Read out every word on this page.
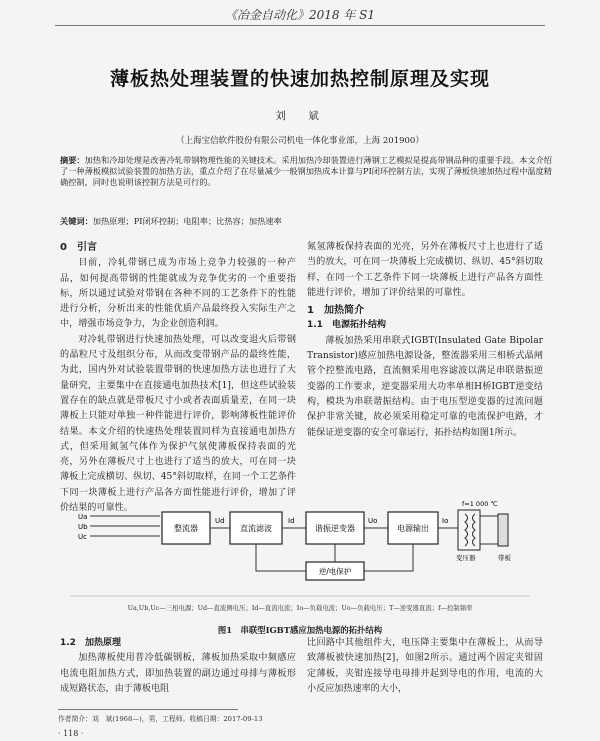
《冶金自动化》2018 年 S1
薄板热处理装置的快速加热控制原理及实现
刘　斌
（上海宝信软件股份有限公司机电一体化事业部，上海 201900）
摘要：加热和冷却处理是改善冷轧带钢物理性能的关键技术。采用加热冷却装置进行薄钢工艺模拟是提高带钢品种的重要手段。本文介绍了一种薄板模拟试验装置的加热方法，重点介绍了在尽量减少一般钢加热成本计算与PI闭环控制方法，实现了薄板快速加热过程中温度精确控制，同时也说明该控制方法是可行的。
关键词：加热原理；PI闭环控制；电阻率；比热容；加热速率
0　引言

目前，冷轧带钢已成为市场上竞争力较强的一种产品，如何提高带钢的性能就成为竞争优劣的一个重要指标，所以通过试验对带钢在各种不同的工艺条件下的性能进行分析，分析出来的性能优质产品最终投入实际生产之中，增强市场竞争力，为企业创造利润。

对冷轧带钢进行快速加热处理，可以改变退火后带钢的晶粒尺寸及组织分布，从而改变带钢产品的最终性能，为此，国内外对试验装置带钢的快速加热方法也进行了大量研究，主要集中在直接通电加热技术[1]，但这些试验装置存在的缺点就是带板尺寸小或者表面质量差，在同一块薄板上只能对单独一种件能进行评价，影响薄板性能评价结果。本文介绍的快速热处理装置同样为直接通电加热方式，但采用氮氢气体作为保护气氛使薄板保持表面的光亮，另外在薄板尺寸上也进行了适当的放大，可在同一块薄板上完成横切、纵切、45°斜切取样，在同一个工艺条件下同一块薄板上进行产品各方面性能进行评价，增加了评价结果的可靠性。

氮氢薄板保持表面的光亮，另外在薄板尺寸上也进行了适当的放大，可在同一块薄板上完成横切、纵切、45°斜切取样，在同一个工艺条件下同一块薄板上进行产品各方面性能进行评价，增加了评价结果的可靠性。

1　加热简介
1.1　电源拓扑结构

薄板加热采用串联式IGBT(Insulated Gate Bipolar Transistor)感应加热电源设备，整流器采用三相桥式晶闸管个控整流电路，直流侧采用电容滤波以满足串联谐振逆变器的工作要求，逆变器采用大功率单相H桥IGBT逆变结构，模块为串联谐振结构。由于电压型逆变器的过流问题保护非常关键，故必须采用稳定可靠的电流保护电路，才能保证逆变器的安全可靠运行，拓扑结构如图1所示。

Ua
Ub
Uc
整流器
Ud
直流滤波
Id
谐振逆变器
Uo
电源输出
Io
f=1 000 ℃
变压器	带板
逆/电保护
Ua,Ub,Uc—三相电源；Ud—直流侧电压；Id—直流电流；Io—负载电流；Uo—负载电压；T—逆变器直流；f—控制频率
图1　串联型IGBT感应加热电源的拓扑结构
1.2　加热原理

加热薄板使用普冷低碳钢板，薄板加热采取中频感应电流电阻加热方式，即加热装置的副边通过母排与薄板形成短路状态，由于薄板电阻

比回路中其他组件大，电压降主要集中在薄板上，从而导致薄板被快速加热[2]，如图2所示。通过两个固定夹钳固定薄板，夹钳连接导电母排并起到导电的作用，电流的大小反应加热速率的大小，

作者简介：刘　斌(1968—)，男，工程师。收稿日期：2017-09-13
· 118 ·
